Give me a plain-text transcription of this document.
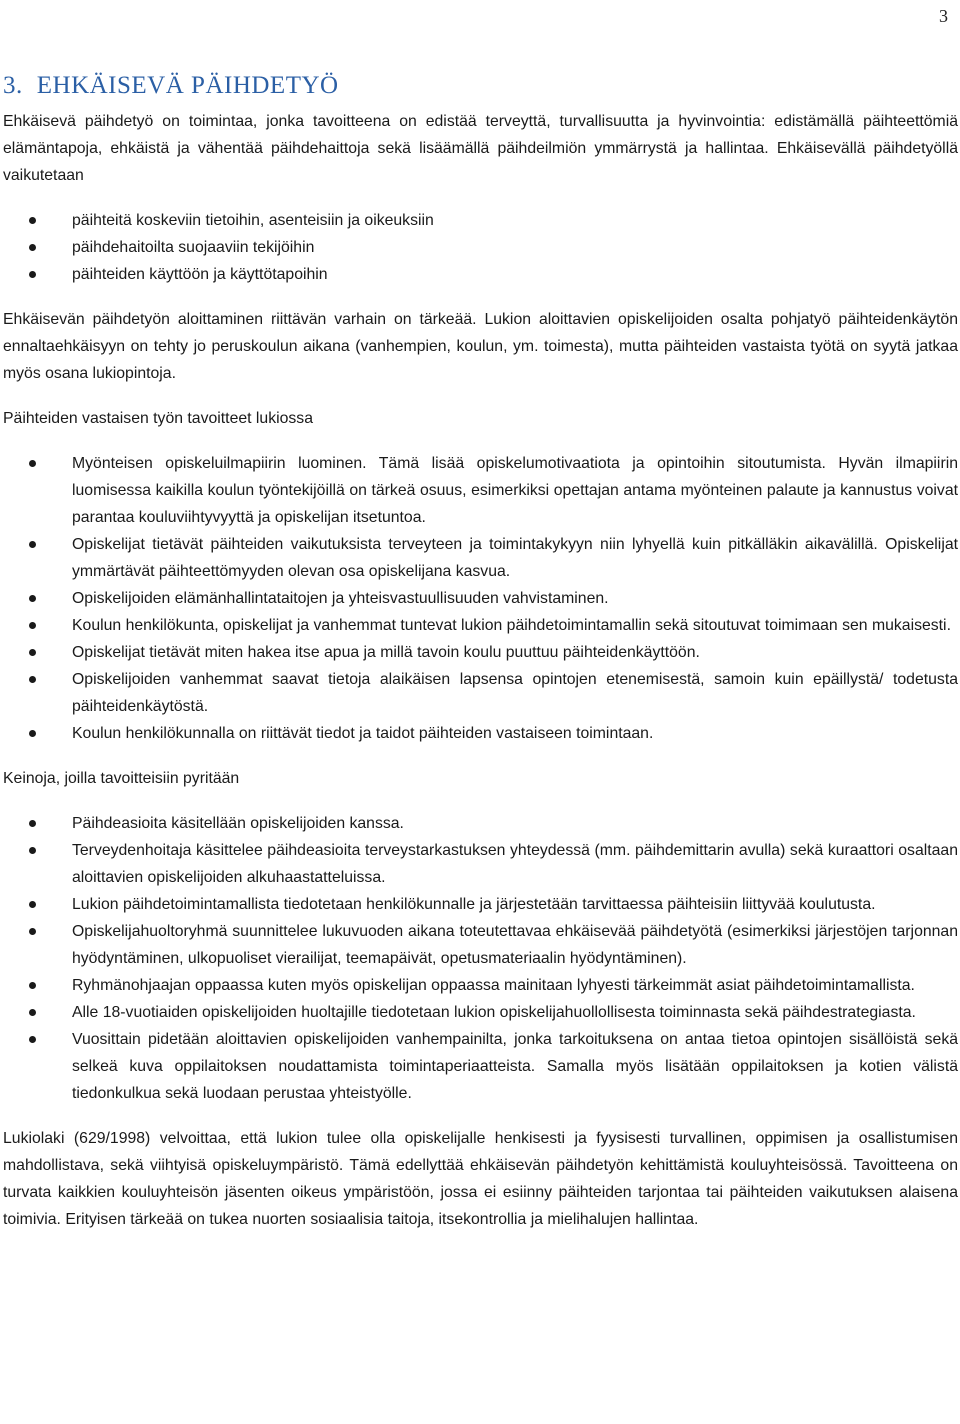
3
3. EHKÄISEVÄ PÄIHDETYÖ

Ehkäisevä päihdetyö on toimintaa, jonka tavoitteena on edistää terveyttä, turvallisuutta ja hyvinvointia: edistämällä päihteettömiä elämäntapoja, ehkäistä ja vähentää päihdehaittoja sekä lisäämällä päihdeilmiön ymmärrystä ja hallintaa. Ehkäisevällä päihdetyöllä vaikutetaan

päihteitä koskeviin tietoihin, asenteisiin ja oikeuksiin
päihdehaitoilta suojaaviin tekijöihin
päihteiden käyttöön ja käyttötapoihin

Ehkäisevän päihdetyön aloittaminen riittävän varhain on tärkeää. Lukion aloittavien opiskelijoiden osalta pohjatyö päihteidenkäytön ennaltaehkäisyyn on tehty jo peruskoulun aikana (vanhempien, koulun, ym. toimesta), mutta päihteiden vastaista työtä on syytä jatkaa myös osana lukiopintoja.

Päihteiden vastaisen työn tavoitteet lukiossa

Myönteisen opiskeluilmapiirin luominen. Tämä lisää opiskelumotivaatiota ja opintoihin sitoutumista. Hyvän ilmapiirin luomisessa kaikilla koulun työntekijöillä on tärkeä osuus, esimerkiksi opettajan antama myönteinen palaute ja kannustus voivat parantaa kouluviihtyvyyttä ja opiskelijan itsetuntoa.
Opiskelijat tietävät päihteiden vaikutuksista terveyteen ja toimintakykyyn niin lyhyellä kuin pitkälläkin aikavälillä. Opiskelijat ymmärtävät päihteettömyyden olevan osa opiskelijana kasvua.
Opiskelijoiden elämänhallintataitojen ja yhteisvastuullisuuden vahvistaminen.
Koulun henkilökunta, opiskelijat ja vanhemmat tuntevat lukion päihdetoimintamallin sekä sitoutuvat toimimaan sen mukaisesti.
Opiskelijat tietävät miten hakea itse apua ja millä tavoin koulu puuttuu päihteidenkäyttöön.
Opiskelijoiden vanhemmat saavat tietoja alaikäisen lapsensa opintojen etenemisestä, samoin kuin epäillystä/ todetusta päihteidenkäytöstä.
Koulun henkilökunnalla on riittävät tiedot ja taidot päihteiden vastaiseen toimintaan.

Keinoja, joilla tavoitteisiin pyritään

Päihdeasioita käsitellään opiskelijoiden kanssa.
Terveydenhoitaja käsittelee päihdeasioita terveystarkastuksen yhteydessä (mm. päihdemittarin avulla) sekä kuraattori osaltaan aloittavien opiskelijoiden alkuhaastatteluissa.
Lukion päihdetoimintamallista tiedotetaan henkilökunnalle ja järjestetään tarvittaessa päihteisiin liittyvää koulutusta.
Opiskelijahuoltoryhmä suunnittelee lukuvuoden aikana toteutettavaa ehkäisevää päihdetyötä (esimerkiksi järjestöjen tarjonnan hyödyntäminen, ulkopuoliset vierailijat, teemapäivät, opetusmateriaalin hyödyntäminen).
Ryhmänohjaajan oppaassa kuten myös opiskelijan oppaassa mainitaan lyhyesti tärkeimmät asiat päihdetoimintamallista.
Alle 18-vuotiaiden opiskelijoiden huoltajille tiedotetaan lukion opiskelijahuollollisesta toiminnasta sekä päihdestrategiasta.
Vuosittain pidetään aloittavien opiskelijoiden vanhempainilta, jonka tarkoituksena on antaa tietoa opintojen sisällöistä sekä selkeä kuva oppilaitoksen noudattamista toimintaperiaatteista. Samalla myös lisätään oppilaitoksen ja kotien välistä tiedonkulkua sekä luodaan perustaa yhteistyölle.

Lukiolaki (629/1998) velvoittaa, että lukion tulee olla opiskelijalle henkisesti ja fyysisesti turvallinen, oppimisen ja osallistumisen mahdollistava, sekä viihtyisä opiskeluympäristö. Tämä edellyttää ehkäisevän päihdetyön kehittämistä kouluyhteisössä. Tavoitteena on turvata kaikkien kouluyhteisön jäsenten oikeus ympäristöön, jossa ei esiinny päihteiden tarjontaa tai päihteiden vaikutuksen alaisena toimivia. Erityisen tärkeää on tukea nuorten sosiaalisia taitoja, itsekontrollia ja mielihalujen hallintaa.
